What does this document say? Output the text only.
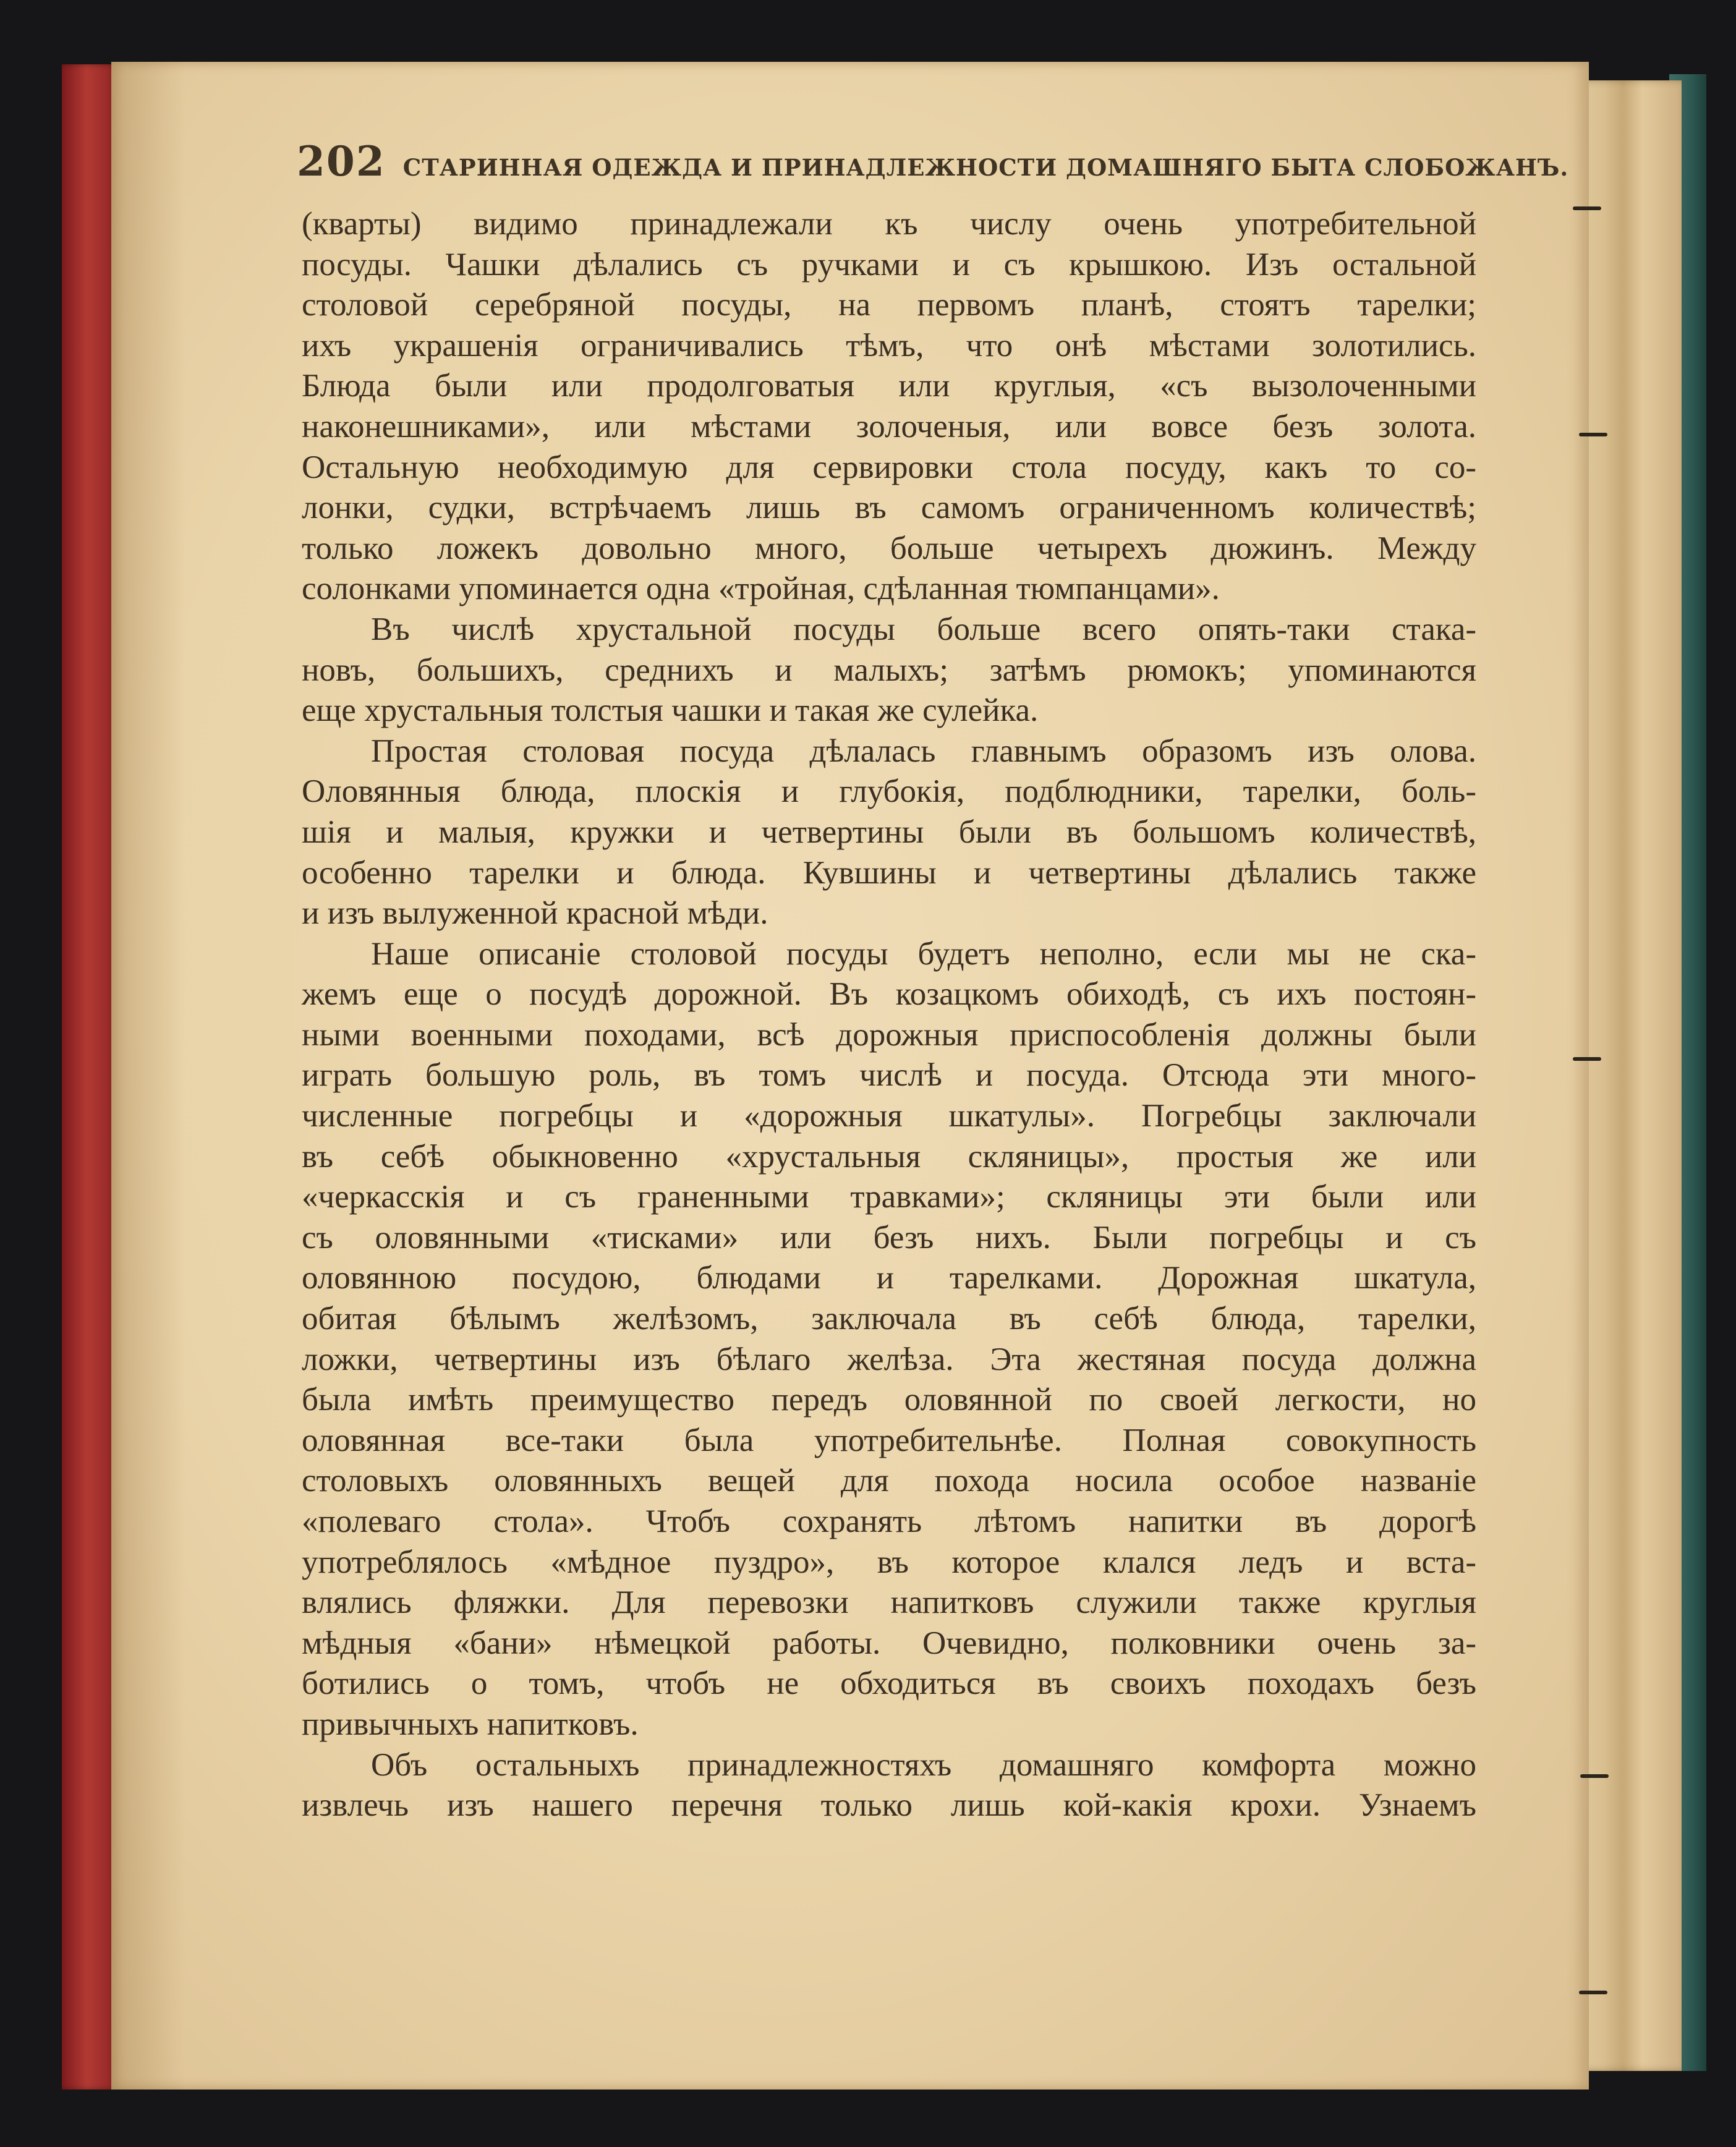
202 СТАРИННАЯ ОДЕЖДА И ПРИНАДЛЕЖНОСТИ ДОМАШНЯГО БЫТА СЛОБОЖАНЪ.

(кварты) видимо принадлежали къ числу очень употребительной

посуды. Чашки дѣлались съ ручками и съ крышкою. Изъ остальной

столовой серебряной посуды, на первомъ планѣ, стоятъ тарелки;

ихъ украшенія ограничивались тѣмъ, что онѣ мѣстами золотились.

Блюда были или продолговатыя или круглыя, «съ вызолоченными

наконешниками», или мѣстами золоченыя, или вовсе безъ золота.

Остальную необходимую для сервировки стола посуду, какъ то со-

лонки, судки, встрѣчаемъ лишь въ самомъ ограниченномъ количествѣ;

только ложекъ довольно много, больше четырехъ дюжинъ. Между

солонками упоминается одна «тройная, сдѣланная тюмпанцами».

Въ числѣ хрустальной посуды больше всего опять-таки стака-

новъ, большихъ, среднихъ и малыхъ; затѣмъ рюмокъ; упоминаются

еще хрустальныя толстыя чашки и такая же сулейка.

Простая столовая посуда дѣлалась главнымъ образомъ изъ олова.

Оловянныя блюда, плоскія и глубокія, подблюдники, тарелки, боль-

шія и малыя, кружки и четвертины были въ большомъ количествѣ,

особенно тарелки и блюда. Кувшины и четвертины дѣлались также

и изъ вылуженной красной мѣди.

Наше описаніе столовой посуды будетъ неполно, если мы не ска-

жемъ еще о посудѣ дорожной. Въ козацкомъ обиходѣ, съ ихъ постоян-

ными военными походами, всѣ дорожныя приспособленія должны были

играть большую роль, въ томъ числѣ и посуда. Отсюда эти много-

численные погребцы и «дорожныя шкатулы». Погребцы заключали

въ себѣ обыкновенно «хрустальныя скляницы», простыя же или

«черкасскія и съ граненными травками»; скляницы эти были или

съ оловянными «тисками» или безъ нихъ. Были погребцы и съ

оловянною посудою, блюдами и тарелками. Дорожная шкатула,

обитая бѣлымъ желѣзомъ, заключала въ себѣ блюда, тарелки,

ложки, четвертины изъ бѣлаго желѣза. Эта жестяная посуда должна

была имѣть преимущество передъ оловянной по своей легкости, но

оловянная все-таки была употребительнѣе. Полная совокупность

столовыхъ оловянныхъ вещей для похода носила особое названіе

«полеваго стола». Чтобъ сохранять лѣтомъ напитки въ дорогѣ

употреблялось «мѣдное пуздро», въ которое клался ледъ и вста-

влялись фляжки. Для перевозки напитковъ служили также круглыя

мѣдныя «бани» нѣмецкой работы. Очевидно, полковники очень за-

ботились о томъ, чтобъ не обходиться въ своихъ походахъ безъ

привычныхъ напитковъ.

Объ остальныхъ принадлежностяхъ домашняго комфорта можно

извлечь изъ нашего перечня только лишь кой-какія крохи. Узнаемъ
